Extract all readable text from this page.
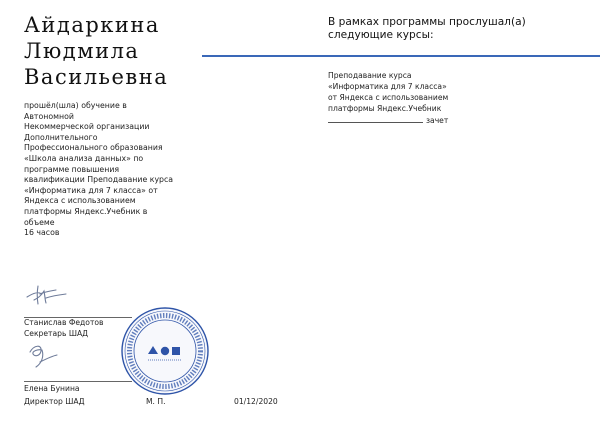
Айдаркина
Людмила
Васильевна
прошёл(шла) обучение в Автономной
Некоммерческой организации
Дополнительного
Профессионального образования
«Школа анализа данных» по
программе повышения
квалификации Преподавание курса
«Информатика для 7 класса» от
Яндекса с использованием
платформы Яндекс.Учебник в объеме
16 часов
В рамках программы прослушал(а)
следующие курсы:
Преподавание курса
«Информатика для 7 класса»
от Яндекса с использованием
платформы Яндекс.Учебник
зачет
Станислав Федотов
Секретарь ШАД
Елена Бунина
Директор ШАД	М. П.	01/12/2020
